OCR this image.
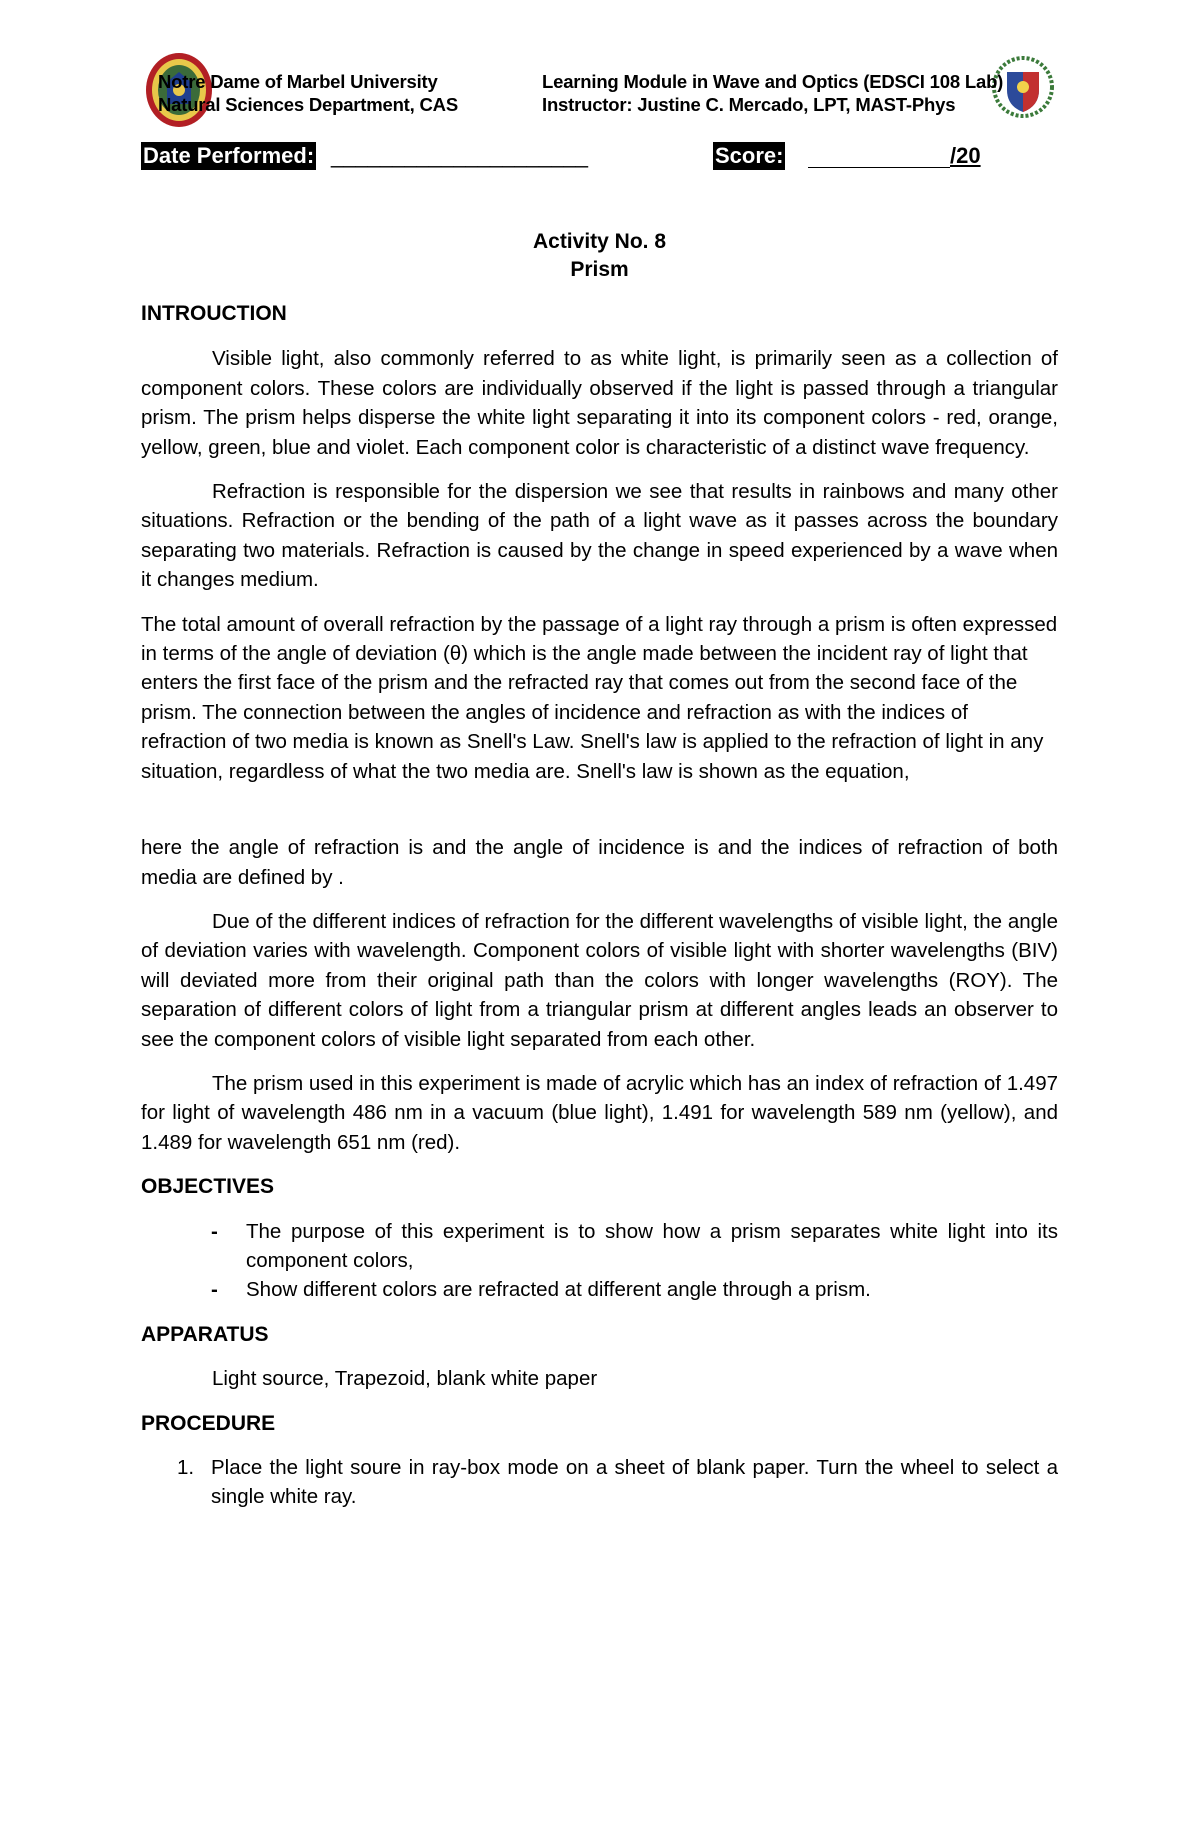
Notre Dame of Marbel University
Natural Sciences Department, CAS
Learning Module in Wave and Optics (EDSCI 108 Lab)
Instructor: Justine C. Mercado, LPT, MAST-Phys
Date Performed: _____________________	Score:	/20
Activity No. 8
Prism

INTROUCTION

Visible light, also commonly referred to as white light, is primarily seen as a collection of component colors. These colors are individually observed if the light is passed through a triangular prism. The prism helps disperse the white light separating it into its component colors - red, orange, yellow, green, blue and violet. Each component color is characteristic of a distinct wave frequency.

Refraction is responsible for the dispersion we see that results in rainbows and many other situations. Refraction or the bending of the path of a light wave as it passes across the boundary separating two materials. Refraction is caused by the change in speed experienced by a wave when it changes medium.

The total amount of overall refraction by the passage of a light ray through a prism is often expressed in terms of the angle of deviation (θ) which is the angle made between the incident ray of light that enters the first face of the prism and the refracted ray that comes out from the second face of the prism. The connection between the angles of incidence and refraction as with the indices of refraction of two media is known as Snell's Law. Snell's law is applied to the refraction of light in any situation, regardless of what the two media are. Snell's law is shown as the equation,

here the angle of refraction is and the angle of incidence is and the indices of refraction of both media are defined by .

Due of the different indices of refraction for the different wavelengths of visible light, the angle of deviation varies with wavelength. Component colors of visible light with shorter wavelengths (BIV) will deviated more from their original path than the colors with longer wavelengths (ROY). The separation of different colors of light from a triangular prism at different angles leads an observer to see the component colors of visible light separated from each other.

The prism used in this experiment is made of acrylic which has an index of refraction of 1.497 for light of wavelength 486 nm in a vacuum (blue light), 1.491 for wavelength 589 nm (yellow), and 1.489 for wavelength 651 nm (red).

OBJECTIVES

- The purpose of this experiment is to show how a prism separates white light into its component colors,
- Show different colors are refracted at different angle through a prism.

APPARATUS

Light source, Trapezoid, blank white paper

PROCEDURE

1. Place the light soure in ray-box mode on a sheet of blank paper. Turn the wheel to select a single white ray.
